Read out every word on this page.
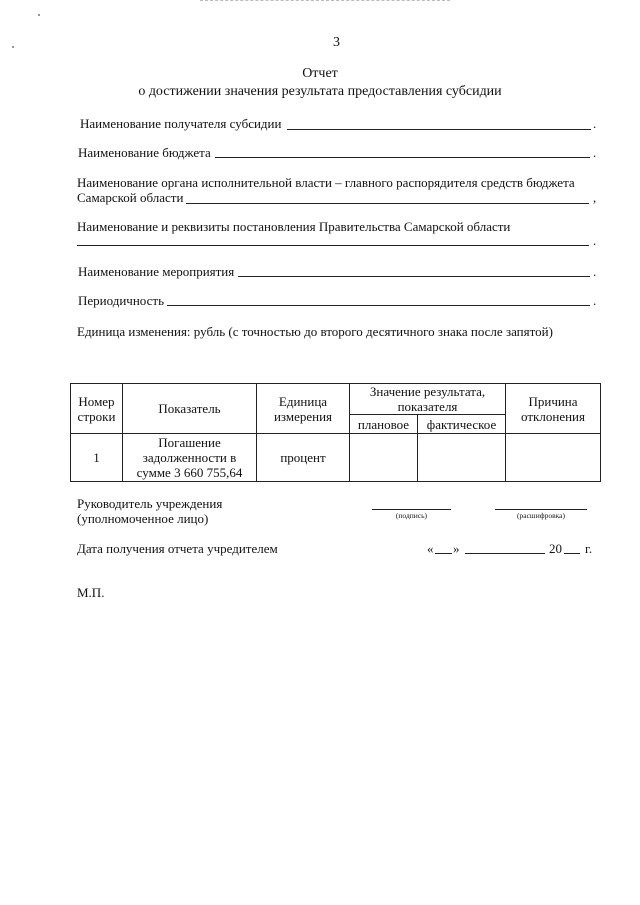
3
Отчет
о достижении значения результата предоставления субсидии
Наименование получателя субсидии	.
Наименование бюджета	.
Наименование органа исполнительной власти – главного распорядителя средств бюджета
Самарской области	,
Наименование и реквизиты постановления Правительства Самарской области
.
Наименование мероприятия	.
Периодичность	.
Единица изменения: рубль (с точностью до второго десятичного знака после запятой)
Номер строки	Показатель	Единица измерения	Значение результата, показателя		Причина отклонения
			плановое	фактическое	
1	Погашение задолженности в сумме 3 660 755,64	процент			
Руководитель учреждения
(уполномоченное лицо)	(подпись)	(расшифровка)
Дата получения отчета учредителем	« »	20 г.
М.П.
